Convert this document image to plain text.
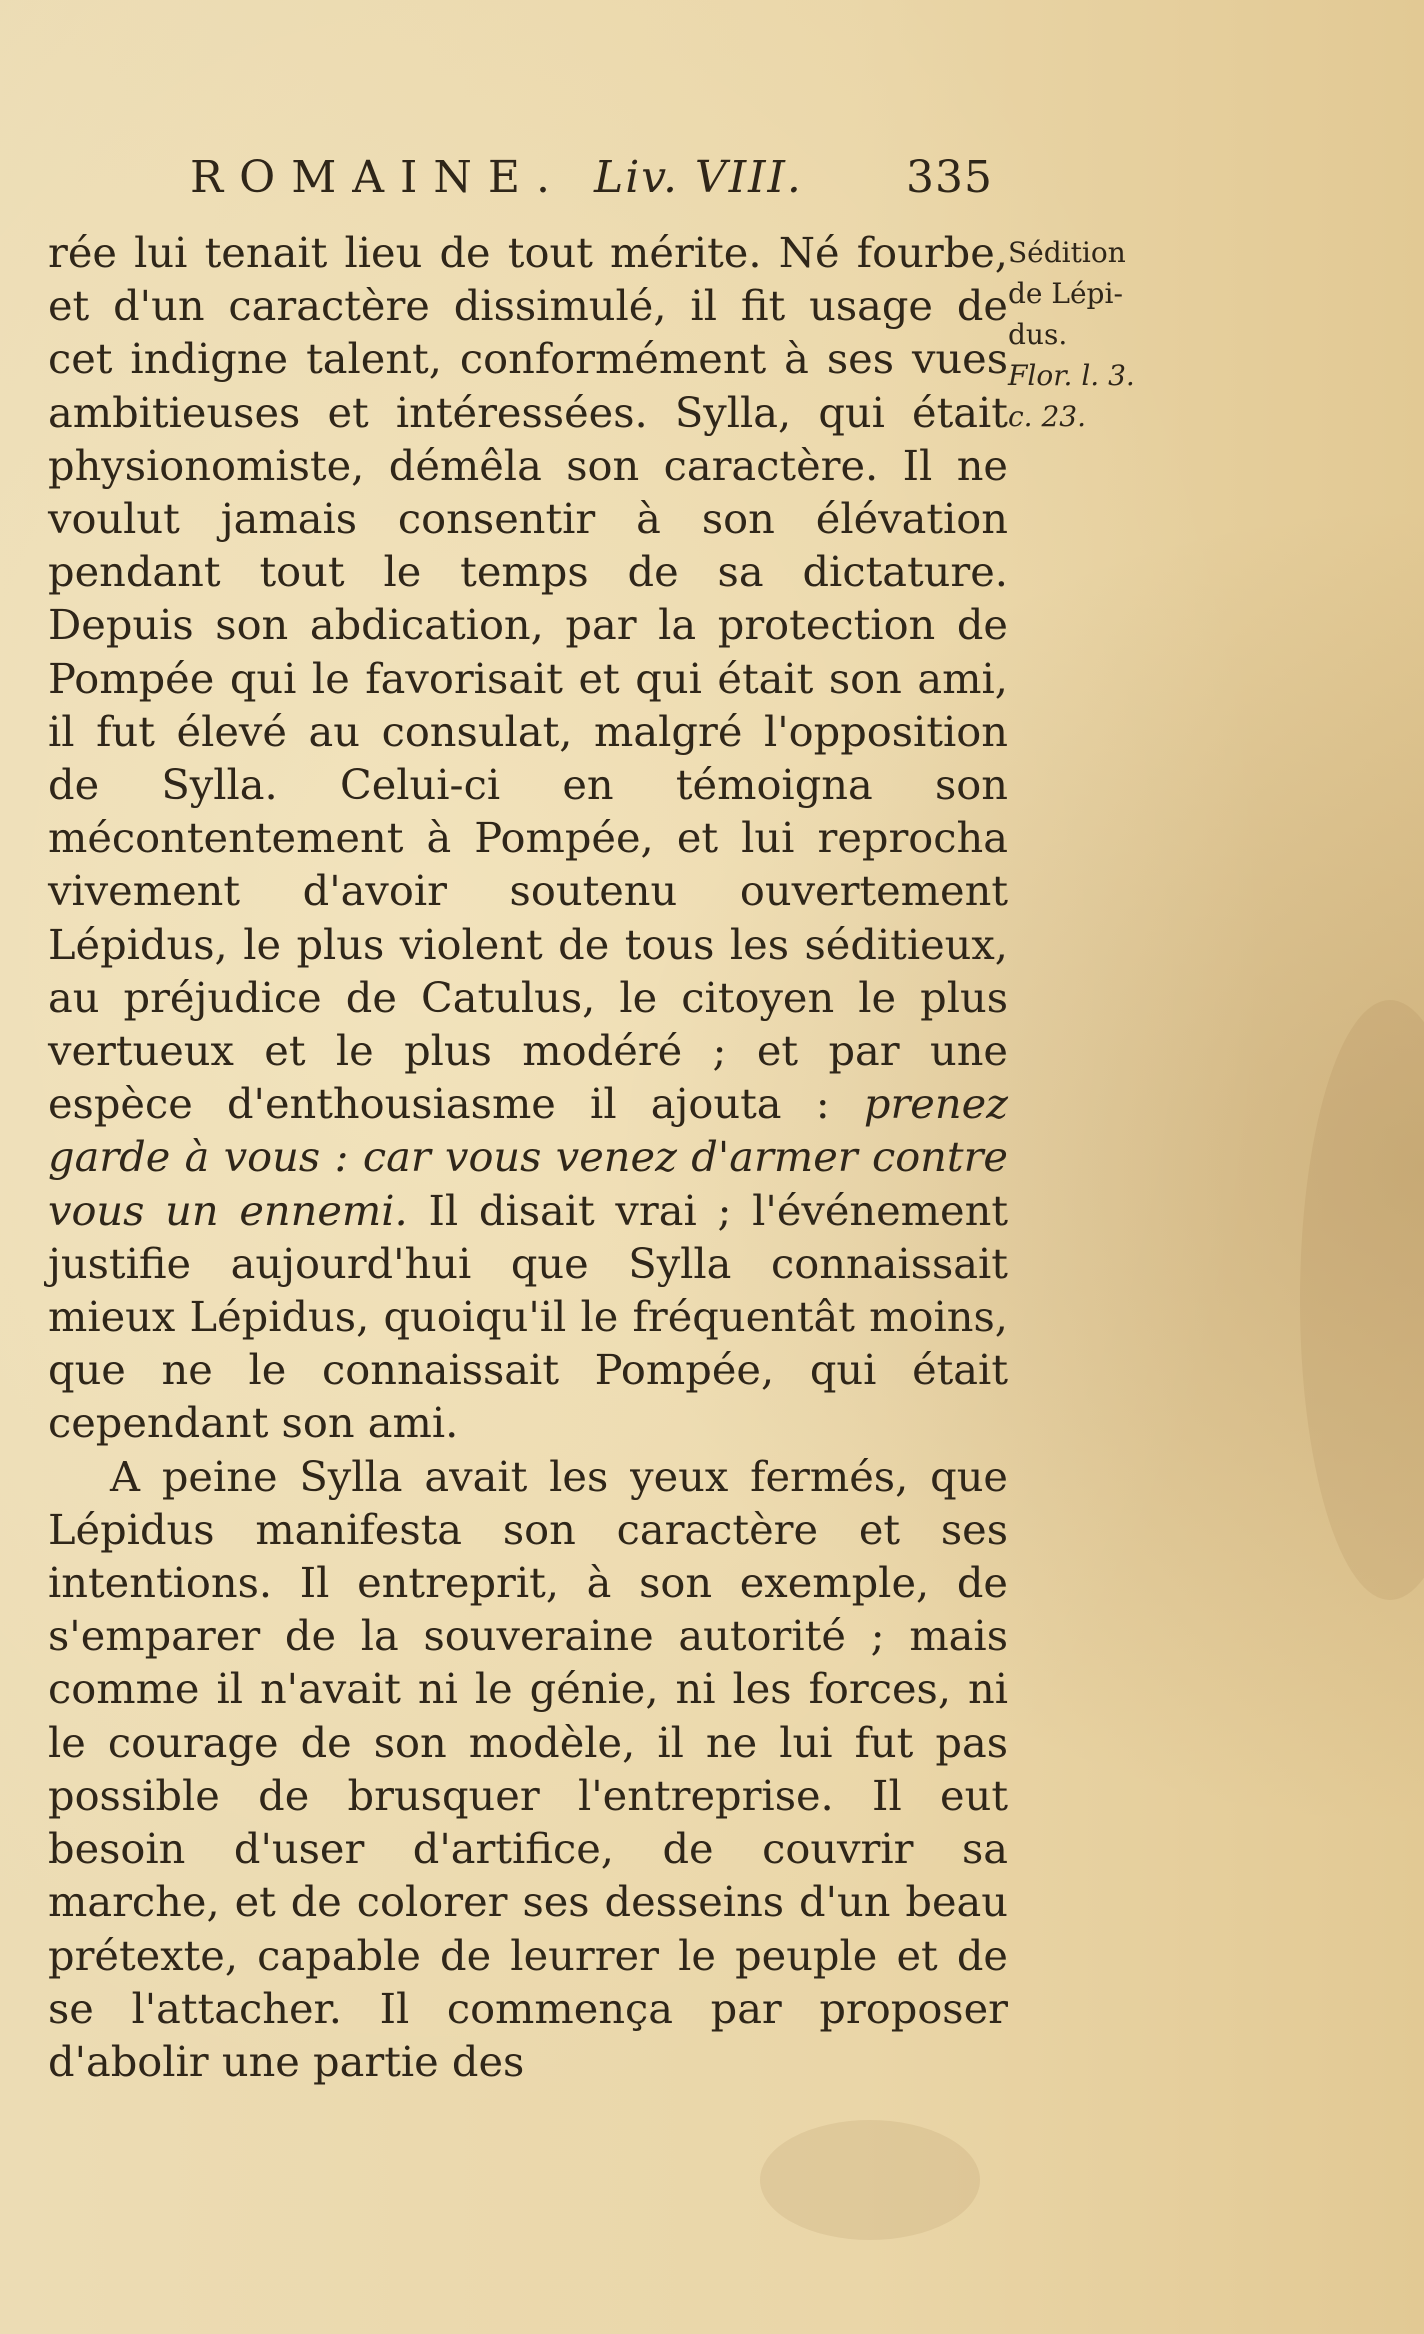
ROMAINE. Liv. VIII. 335
Sédition
de Lépi-
dus.
Flor. l. 3.
c. 23.

rée lui tenait lieu de tout mérite. Né fourbe, et d'un caractère dissimulé, il fit usage de cet indigne talent, conformément à ses vues ambitieuses et intéressées. Sylla, qui était physionomiste, démêla son caractère. Il ne voulut jamais consentir à son élévation pendant tout le temps de sa dictature. Depuis son abdication, par la protection de Pompée qui le favorisait et qui était son ami, il fut élevé au consulat, malgré l'opposition de Sylla. Celui-ci en témoigna son mécontentement à Pompée, et lui reprocha vivement d'avoir soutenu ouvertement Lépidus, le plus violent de tous les séditieux, au préjudice de Catulus, le citoyen le plus vertueux et le plus modéré ; et par une espèce d'enthousiasme il ajouta : prenez garde à vous : car vous venez d'armer contre vous un ennemi. Il disait vrai ; l'événement justifie aujourd'hui que Sylla connaissait mieux Lépidus, quoiqu'il le fréquentât moins, que ne le connaissait Pompée, qui était cependant son ami.

A peine Sylla avait les yeux fermés, que Lépidus manifesta son caractère et ses intentions. Il entreprit, à son exemple, de s'emparer de la souveraine autorité ; mais comme il n'avait ni le génie, ni les forces, ni le courage de son modèle, il ne lui fut pas possible de brusquer l'entreprise. Il eut besoin d'user d'artifice, de couvrir sa marche, et de colorer ses desseins d'un beau prétexte, capable de leurrer le peuple et de se l'attacher. Il commença par proposer d'abolir une partie des
